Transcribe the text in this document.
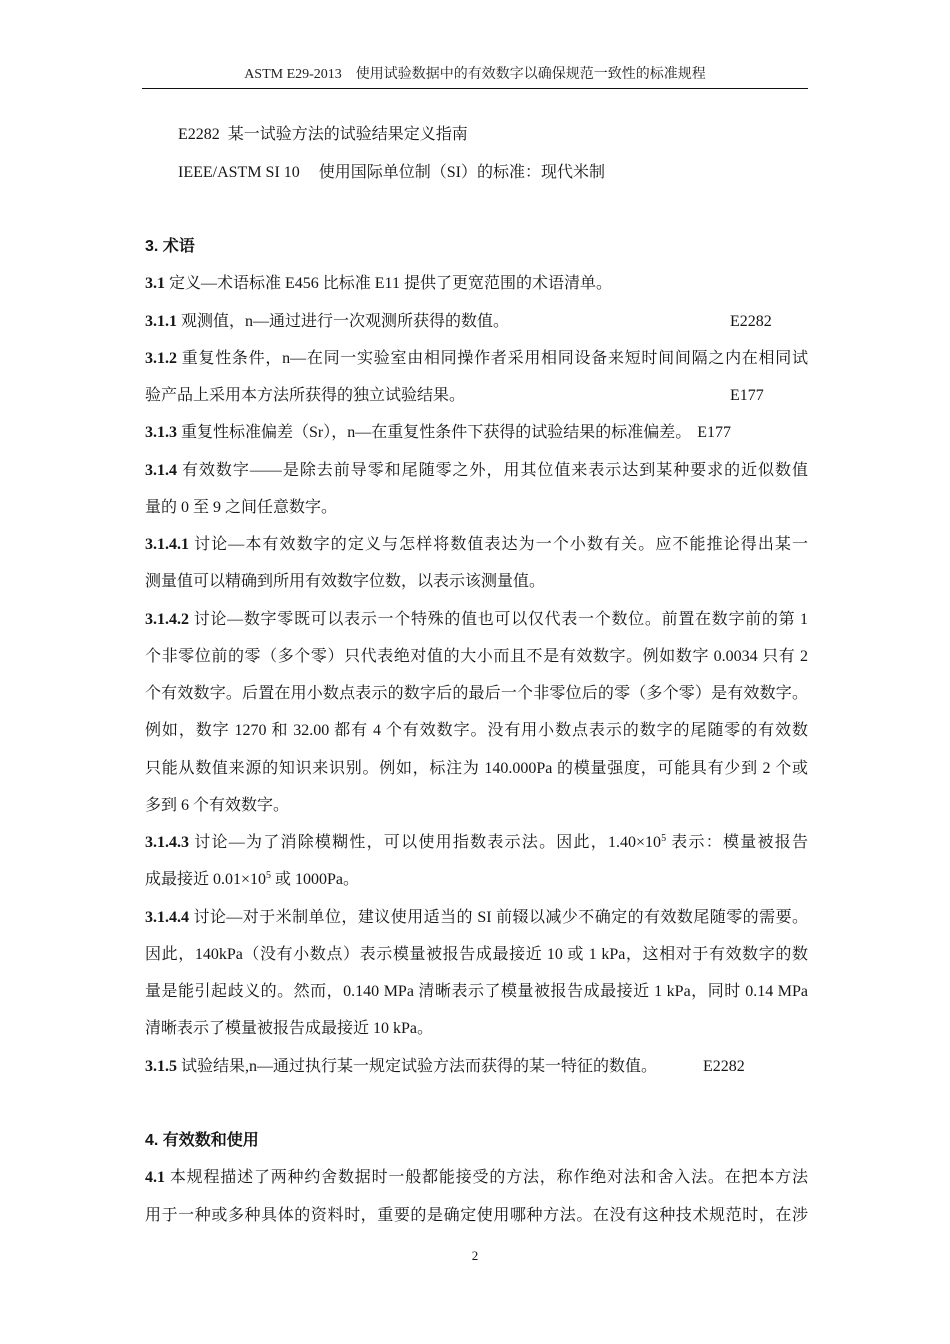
ASTM E29-2013　使用试验数据中的有效数字以确保规范一致性的标准规程
E2282 某一试验方法的试验结果定义指南
IEEE/ASTM SI 10 使用国际单位制（SI）的标准：现代米制
3. 术语
3.1 定义—术语标准 E456 比标准 E11 提供了更宽范围的术语清单。
3.1.1 观测值，n—通过进行一次观测所获得的数值。	E2282
3.1.2 重复性条件，n—在同一实验室由相同操作者采用相同设备来短时间间隔之内在相同试
验产品上采用本方法所获得的独立试验结果。	E177
3.1.3 重复性标准偏差（Sr），n—在重复性条件下获得的试验结果的标准偏差。 E177
3.1.4 有效数字——是除去前导零和尾随零之外，用其位值来表示达到某种要求的近似数值
量的 0 至 9 之间任意数字。
3.1.4.1 讨论—本有效数字的定义与怎样将数值表达为一个小数有关。应不能推论得出某一
测量值可以精确到所用有效数字位数，以表示该测量值。
3.1.4.2 讨论—数字零既可以表示一个特殊的值也可以仅代表一个数位。前置在数字前的第 1
个非零位前的零（多个零）只代表绝对值的大小而且不是有效数字。例如数字 0.0034 只有 2
个有效数字。后置在用小数点表示的数字后的最后一个非零位后的零（多个零）是有效数字。
例如，数字 1270 和 32.00 都有 4 个有效数字。没有用小数点表示的数字的尾随零的有效数
只能从数值来源的知识来识别。例如，标注为 140.000Pa 的模量强度，可能具有少到 2 个或
多到 6 个有效数字。
3.1.4.3 讨论—为了消除模糊性，可以使用指数表示法。因此，$1.40\times 10^5$ 表示：模量被报告
成最接近 $0.01\times 10^5$ 或 1000Pa。
3.1.4.4 讨论—对于米制单位，建议使用适当的 SI 前辍以减少不确定的有效数尾随零的需要。
因此，140kPa（没有小数点）表示模量被报告成最接近 10 或 1 kPa，这相对于有效数字的数
量是能引起歧义的。然而，0.140 MPa 清晰表示了模量被报告成最接近 1 kPa，同时 0.14 MPa
清晰表示了模量被报告成最接近 10 kPa。
3.1.5 试验结果,n—通过执行某一规定试验方法而获得的某一特征的数值。	E2282
4. 有效数和使用
4.1 本规程描述了两种约舍数据时一般都能接受的方法，称作绝对法和舍入法。在把本方法
用于一种或多种具体的资料时，重要的是确定使用哪种方法。在没有这种技术规范时，在涉
2
